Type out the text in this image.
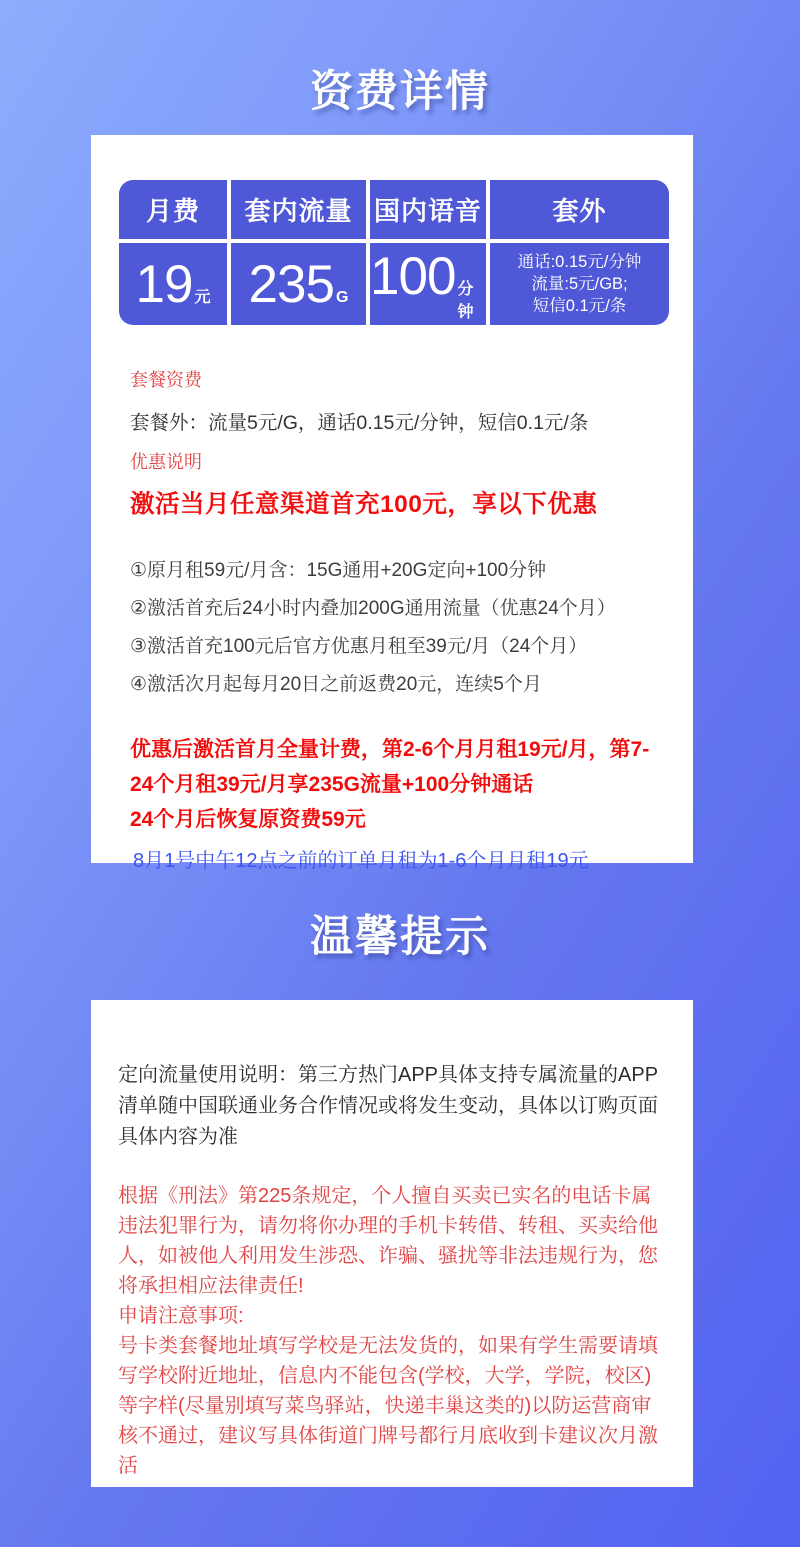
资费详情
月费	套内流量 国内语音	套外
19 元 235 G 100 分钟
通话:0.15元/分钟
流量:5元/GB;
短信0.1元/条

套餐资费

套餐外：流量5元/G，通话0.15元/分钟，短信0.1元/条

优惠说明

激活当月任意渠道首充100元，享以下优惠

①原月租59元/月含：15G通用+20G定向+100分钟

②激活首充后24小时内叠加200G通用流量（优惠24个月）

③激活首充100元后官方优惠月租至39元/月（24个月）

④激活次月起每月20日之前返费20元，连续5个月

优惠后激活首月全量计费，第2-6个月月租19元/月，第7-24个月租39元/月享235G流量+100分钟通话

24个月后恢复原资费59元

8月1号中午12点之前的订单月租为1-6个月月租19元

温馨提示

定向流量使用说明：第三方热门APP具体支持专属流量的APP清单随中国联通业务合作情况或将发生变动，具体以订购页面具体内容为准

根据《刑法》第225条规定，个人擅自买卖已实名的电话卡属违法犯罪行为，请勿将你办理的手机卡转借、转租、买卖给他人，如被他人利用发生涉恐、诈骗、骚扰等非法违规行为，您将承担相应法律责任!

申请注意事项:

号卡类套餐地址填写学校是无法发货的，如果有学生需要请填写学校附近地址，信息内不能包含(学校，大学，学院，校区)等字样(尽量别填写菜鸟驿站，快递丰巢这类的)以防运营商审核不通过，建议写具体街道门牌号都行月底收到卡建议次月激活
